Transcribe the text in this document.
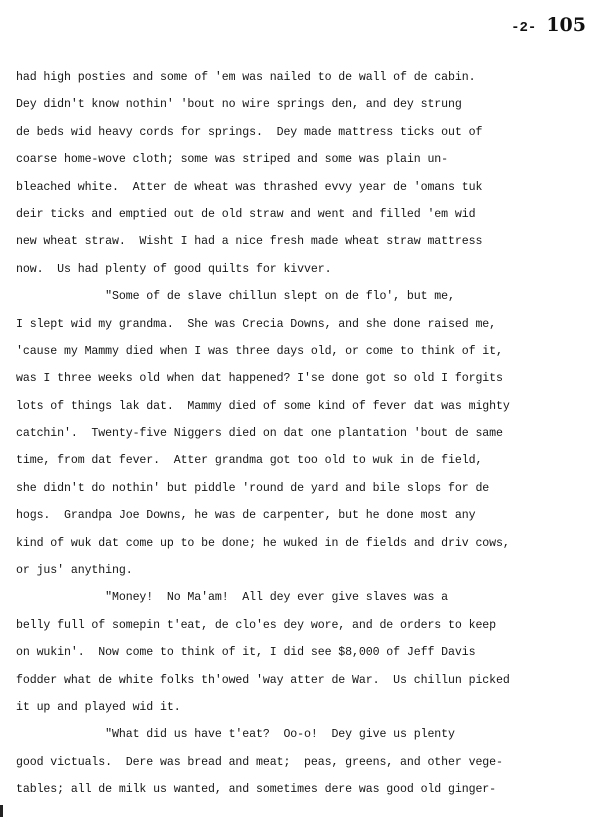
-2- 105
had high posties and some of 'em was nailed to de wall of de cabin.
Dey didn't know nothin' 'bout no wire springs den, and dey strung
de beds wid heavy cords for springs.  Dey made mattress ticks out of
coarse home-wove cloth; some was striped and some was plain un-
bleached white.  Atter de wheat was thrashed evvy year de 'omans tuk
deir ticks and emptied out de old straw and went and filled 'em wid
new wheat straw.  Wisht I had a nice fresh made wheat straw mattress
now.  Us had plenty of good quilts for kivver.
"Some of de slave chillun slept on de flo', but me,
I slept wid my grandma.  She was Crecia Downs, and she done raised me,
'cause my Mammy died when I was three days old, or come to think of it,
was I three weeks old when dat happened? I'se done got so old I forgits
lots of things lak dat.  Mammy died of some kind of fever dat was mighty
catchin'.  Twenty-five Niggers died on dat one plantation 'bout de same
time, from dat fever.  Atter grandma got too old to wuk in de field,
she didn't do nothin' but piddle 'round de yard and bile slops for de
hogs.  Grandpa Joe Downs, he was de carpenter, but he done most any
kind of wuk dat come up to be done; he wuked in de fields and driv cows,
or jus' anything.
"Money!  No Ma'am!  All dey ever give slaves was a
belly full of somepin t'eat, de clo'es dey wore, and de orders to keep
on wukin'.  Now come to think of it, I did see $8,000 of Jeff Davis
fodder what de white folks th'owed 'way atter de War.  Us chillun picked
it up and played wid it.
"What did us have t'eat?  Oo-o!  Dey give us plenty
good victuals.  Dere was bread and meat;  peas, greens, and other vege-
tables; all de milk us wanted, and sometimes dere was good old ginger-
